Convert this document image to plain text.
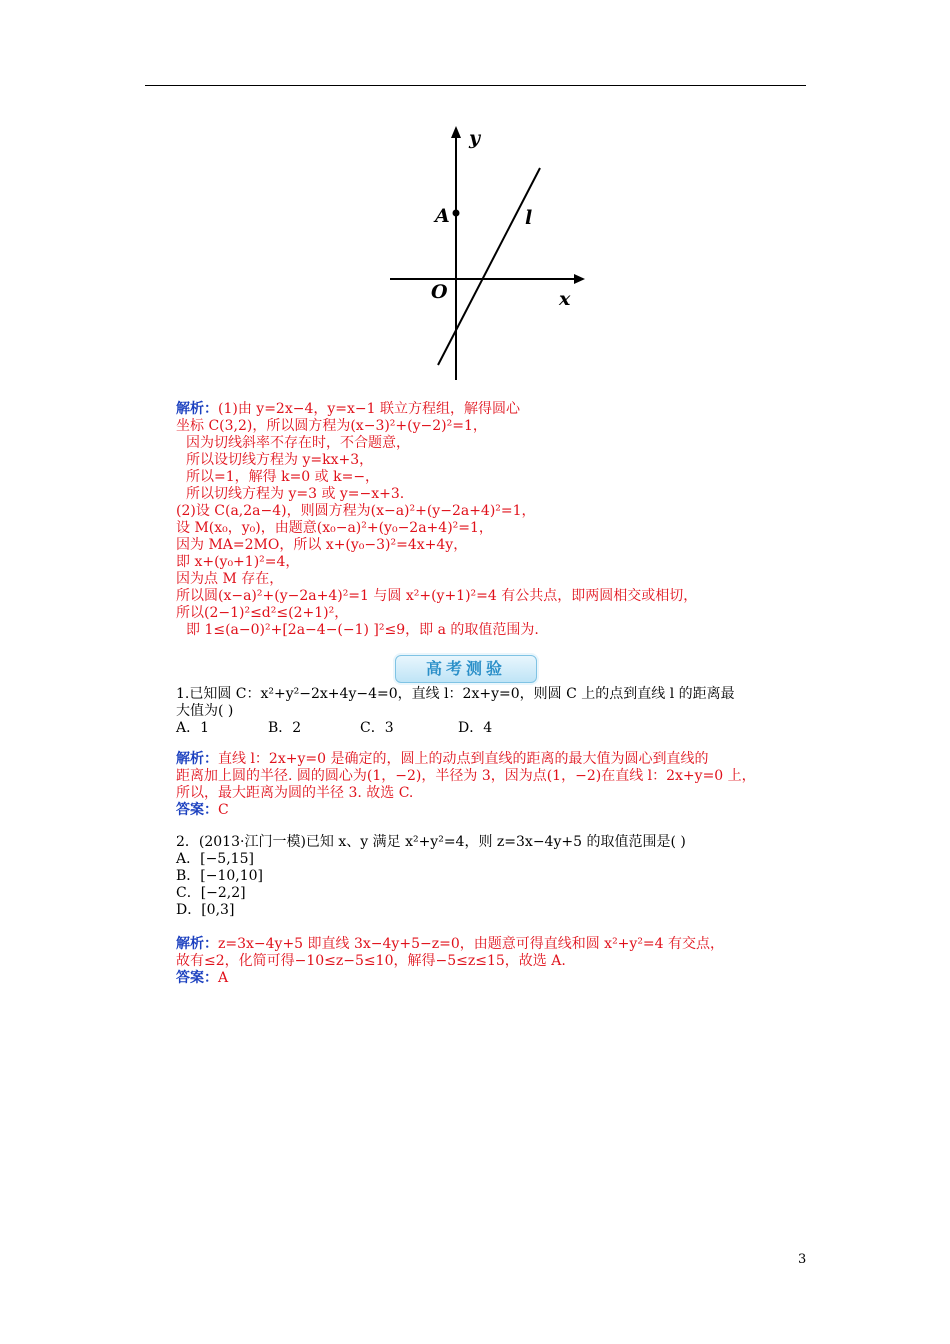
y
x
O
A	l
解析：(1)由 y=2x−4，y=x−1 联立方程组，解得圆心
坐标 C(3,2)，所以圆方程为(x−3)²+(y−2)²=1，
因为切线斜率不存在时，不合题意，
所以设切线方程为 y=kx+3，
所以=1，解得 k=0 或 k=−，
所以切线方程为 y=3 或 y=−x+3.
(2)设 C(a,2a−4)，则圆方程为(x−a)²+(y−2a+4)²=1，
设 M(x₀，y₀)，由题意(x₀−a)²+(y₀−2a+4)²=1，
因为 MA=2MO，所以 x+(y₀−3)²=4x+4y，
即 x+(y₀+1)²=4，
因为点 M 存在，
所以圆(x−a)²+(y−2a+4)²=1 与圆 x²+(y+1)²=4 有公共点，即两圆相交或相切，
所以(2−1)²≤d²≤(2+1)²，
即 1≤(a−0)²+[2a−4−(−1) ]²≤9，即 a 的取值范围为.
高考测验
1.已知圆 C：x²+y²−2x+4y−4=0，直线 l：2x+y=0，则圆 C 上的点到直线 l 的距离最
大值为( )
A．1	B．2	C．3	D．4
解析：直线 l：2x+y=0 是确定的，圆上的动点到直线的距离的最大值为圆心到直线的
距离加上圆的半径. 圆的圆心为(1，−2)，半径为 3，因为点(1，−2)在直线 l：2x+y=0 上，
所以，最大距离为圆的半径 3. 故选 C.
答案：C
2．(2013·江门一模)已知 x、y 满足 x²+y²=4，则 z=3x−4y+5 的取值范围是( )
A．[−5,15]
B．[−10,10]
C．[−2,2]
D．[0,3]
解析：z=3x−4y+5 即直线 3x−4y+5−z=0，由题意可得直线和圆 x²+y²=4 有交点，
故有≤2，化简可得−10≤z−5≤10，解得−5≤z≤15，故选 A.
答案：A
3
